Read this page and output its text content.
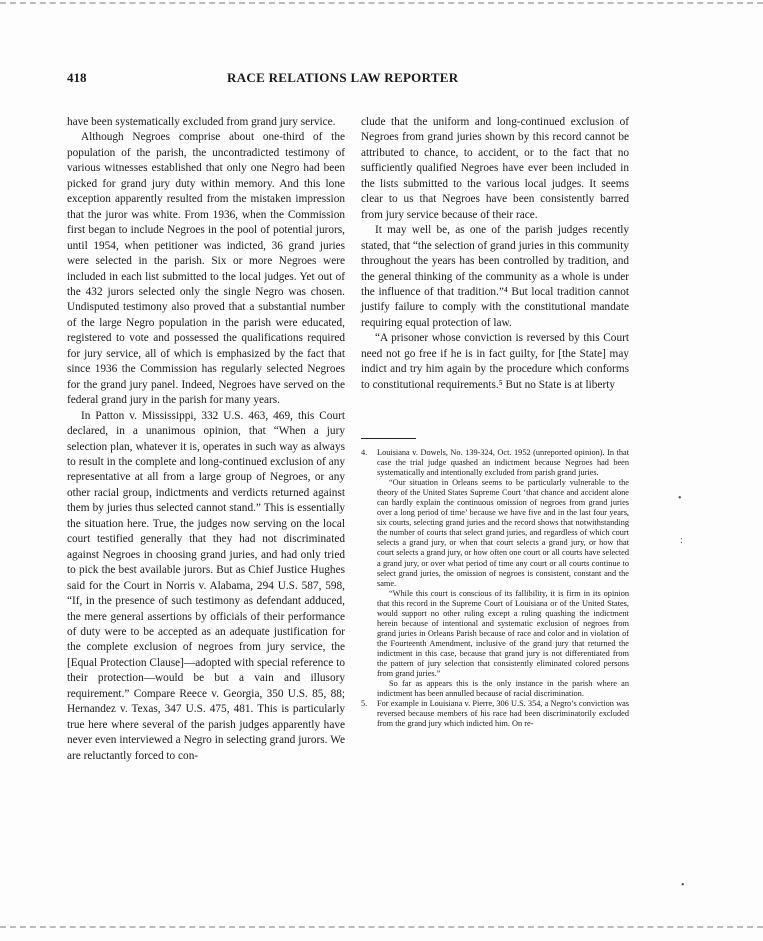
418	RACE RELATIONS LAW REPORTER

have been systematically excluded from grand jury service.

Although Negroes comprise about one-third of the population of the parish, the uncontradicted testimony of various witnesses established that only one Negro had been picked for grand jury duty within memory. And this lone exception apparently resulted from the mistaken impression that the juror was white. From 1936, when the Commission first began to include Negroes in the pool of potential jurors, until 1954, when petitioner was indicted, 36 grand juries were selected in the parish. Six or more Negroes were included in each list submitted to the local judges. Yet out of the 432 jurors selected only the single Negro was chosen. Undisputed testimony also proved that a substantial number of the large Negro population in the parish were educated, registered to vote and possessed the qualifications required for jury service, all of which is emphasized by the fact that since 1936 the Commission has regularly selected Negroes for the grand jury panel. Indeed, Negroes have served on the federal grand jury in the parish for many years.

In Patton v. Mississippi, 332 U.S. 463, 469, this Court declared, in a unanimous opinion, that “When a jury selection plan, whatever it is, operates in such way as always to result in the complete and long-continued exclusion of any representative at all from a large group of Negroes, or any other racial group, indictments and verdicts returned against them by juries thus selected cannot stand.” This is essentially the situation here. True, the judges now serving on the local court testified generally that they had not discriminated against Negroes in choosing grand juries, and had only tried to pick the best available jurors. But as Chief Justice Hughes said for the Court in Norris v. Alabama, 294 U.S. 587, 598, “If, in the presence of such testimony as defendant adduced, the mere general assertions by officials of their performance of duty were to be accepted as an adequate justification for the complete exclusion of negroes from jury service, the [Equal Protection Clause]—adopted with special reference to their protection—would be but a vain and illusory requirement.” Compare Reece v. Georgia, 350 U.S. 85, 88; Hernandez v. Texas, 347 U.S. 475, 481. This is particularly true here where several of the parish judges apparently have never even interviewed a Negro in selecting grand jurors. We are reluctantly forced to con-

clude that the uniform and long-continued exclusion of Negroes from grand juries shown by this record cannot be attributed to chance, to accident, or to the fact that no sufficiently qualified Negroes have ever been included in the lists submitted to the various local judges. It seems clear to us that Negroes have been consistently barred from jury service because of their race.

It may well be, as one of the parish judges recently stated, that “the selection of grand juries in this community throughout the years has been controlled by tradition, and the general thinking of the community as a whole is under the influence of that tradition.”⁴ But local tradition cannot justify failure to comply with the constitutional mandate requiring equal protection of law.

“A prisoner whose conviction is reversed by this Court need not go free if he is in fact guilty, for [the State] may indict and try him again by the procedure which conforms to constitutional requirements.⁵ But no State is at liberty

4. Louisiana v. Dowels, No. 139-324, Oct. 1952 (unreported opinion). In that case the trial judge quashed an indictment because Negroes had been systematically and intentionally excluded from parish grand juries.

“Our situation in Orleans seems to be particularly vulnerable to the theory of the United States Supreme Court ‘that chance and accident alone can hardly explain the continuous omission of negroes from grand juries over a long period of time’ because we have five and in the last four years, six courts, selecting grand juries and the record shows that notwithstanding the number of courts that select grand juries, and regardless of which court selects a grand jury, or when that court selects a grand jury, or how that court selects a grand jury, or how often one court or all courts have selected a grand jury, or over what period of time any court or all courts continue to select grand juries, the omission of negroes is consistent, constant and the same.

“While this court is conscious of its fallibility, it is firm in its opinion that this record in the Supreme Court of Louisiana or of the United States, would support no other ruling except a ruling quashing the indictment herein because of intentional and systematic exclusion of negroes from grand juries in Orleans Parish because of race and color and in violation of the Fourteenth Amendment, inclusive of the grand jury that returned the indictment in this case, because that grand jury is not differentiated from the pattern of jury selection that consistently eliminated colored persons from grand juries.”

So far as appears this is the only instance in the parish where an indictment has been annulled because of racial discrimination.

5. For example in Louisiana v. Pierre, 306 U.S. 354, a Negro’s conviction was reversed because members of his race had been discriminatorily excluded from the grand jury which indicted him. On re-
•
:
•
